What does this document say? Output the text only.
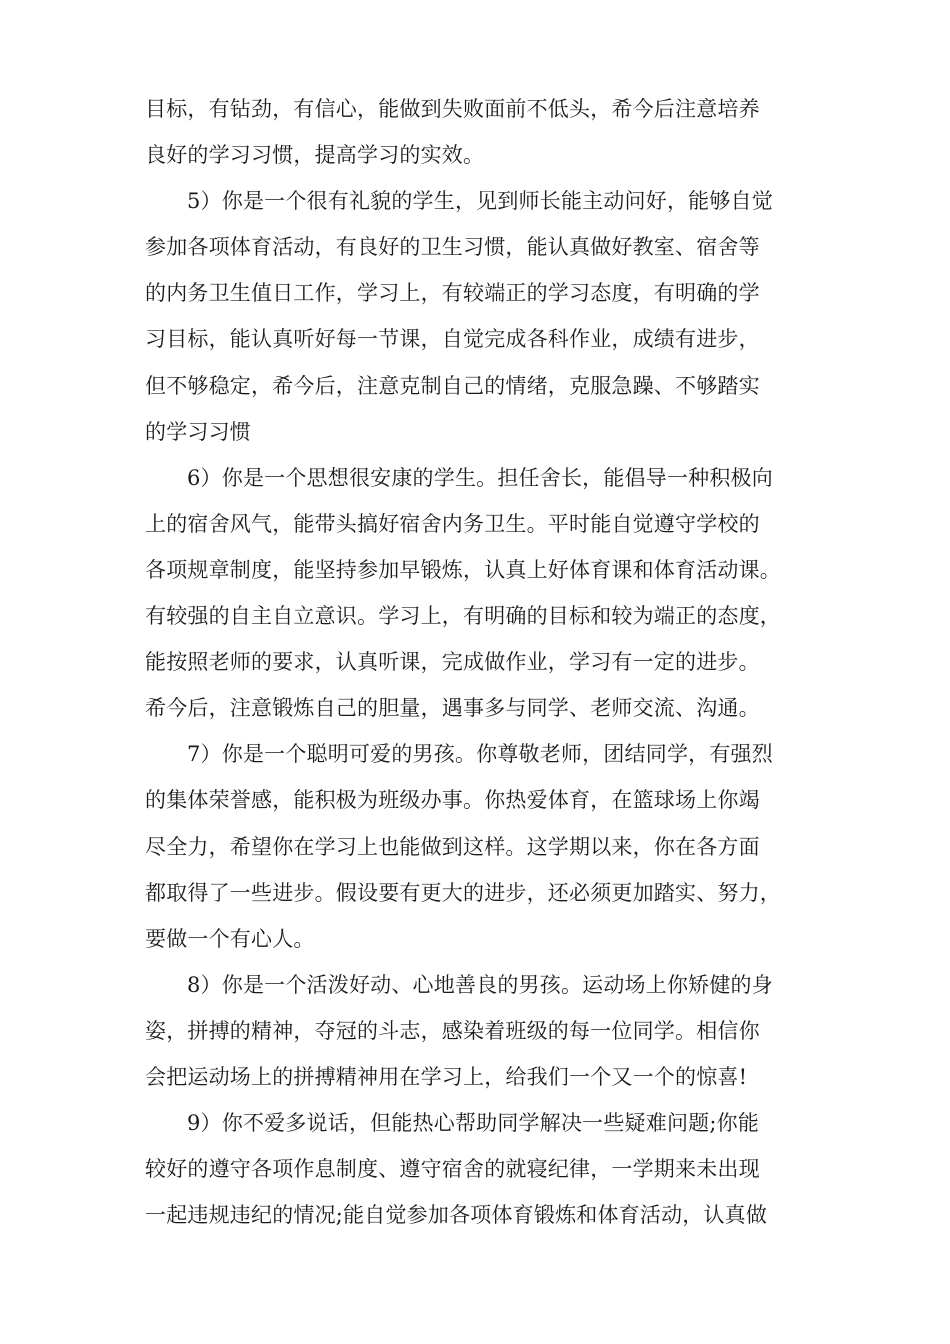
目标，有钻劲，有信心，能做到失败面前不低头，希今后注意培养
良好的学习习惯，提高学习的实效。
5）你是一个很有礼貌的学生，见到师长能主动问好，能够自觉
参加各项体育活动，有良好的卫生习惯，能认真做好教室、宿舍等
的内务卫生值日工作，学习上，有较端正的学习态度，有明确的学
习目标，能认真听好每一节课，自觉完成各科作业，成绩有进步，
但不够稳定，希今后，注意克制自己的情绪，克服急躁、不够踏实
的学习习惯
6）你是一个思想很安康的学生。担任舍长，能倡导一种积极向
上的宿舍风气，能带头搞好宿舍内务卫生。平时能自觉遵守学校的
各项规章制度，能坚持参加早锻炼，认真上好体育课和体育活动课。
有较强的自主自立意识。学习上，有明确的目标和较为端正的态度，
能按照老师的要求，认真听课，完成做作业，学习有一定的进步。
希今后，注意锻炼自己的胆量，遇事多与同学、老师交流、沟通。
7）你是一个聪明可爱的男孩。你尊敬老师，团结同学，有强烈
的集体荣誉感，能积极为班级办事。你热爱体育，在篮球场上你竭
尽全力，希望你在学习上也能做到这样。这学期以来，你在各方面
都取得了一些进步。假设要有更大的进步，还必须更加踏实、努力，
要做一个有心人。
8）你是一个活泼好动、心地善良的男孩。运动场上你矫健的身
姿，拼搏的精神，夺冠的斗志，感染着班级的每一位同学。相信你
会把运动场上的拼搏精神用在学习上，给我们一个又一个的惊喜!
9）你不爱多说话，但能热心帮助同学解决一些疑难问题;你能
较好的遵守各项作息制度、遵守宿舍的就寝纪律，一学期来未出现
一起违规违纪的情况;能自觉参加各项体育锻炼和体育活动，认真做
